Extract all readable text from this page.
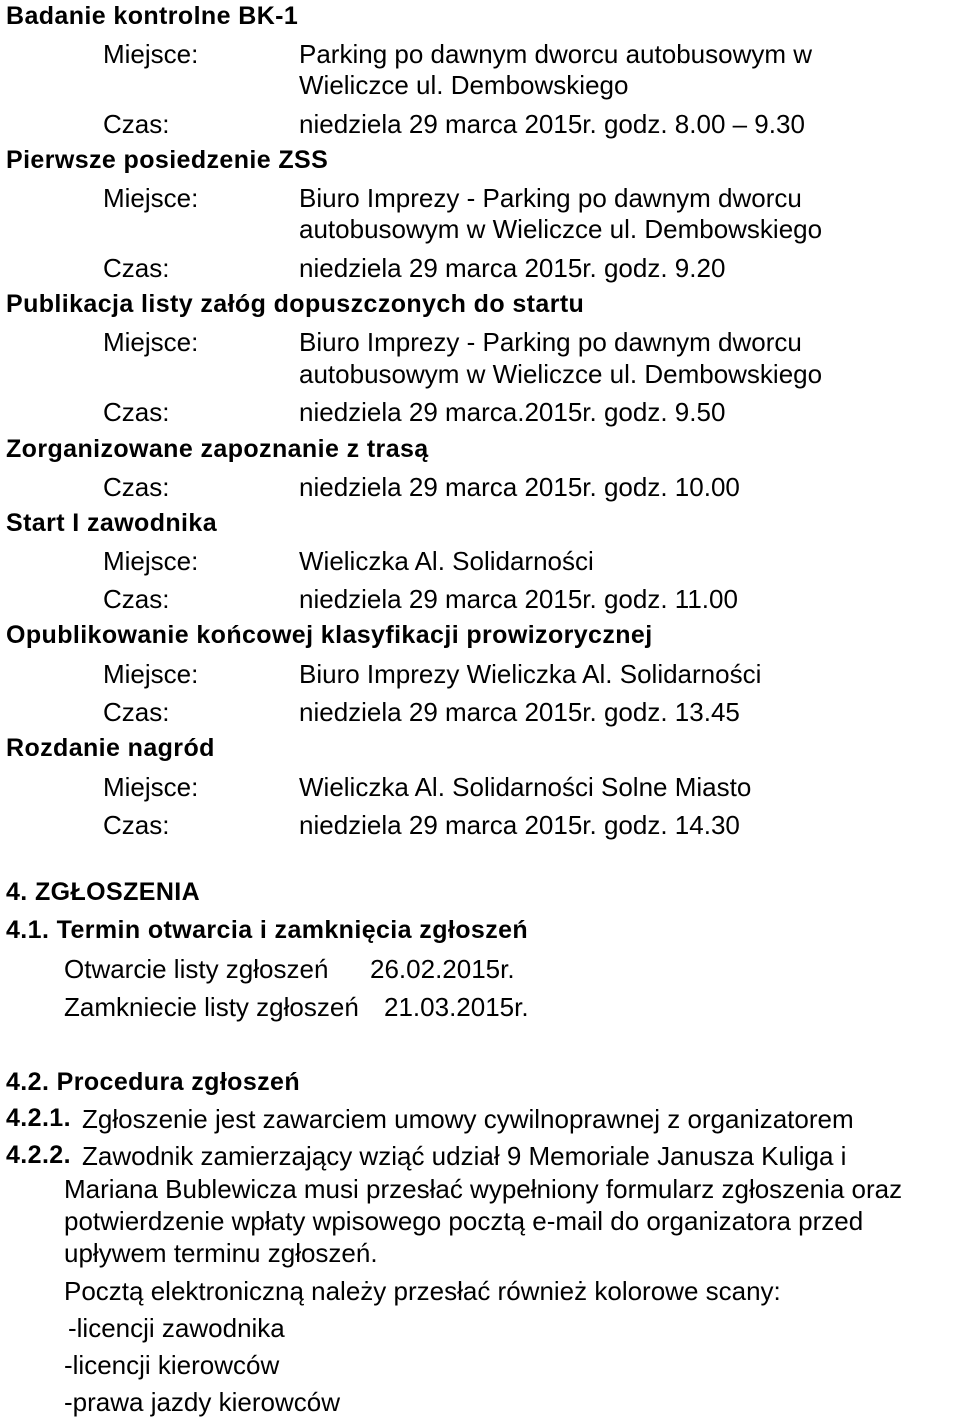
Badanie kontrolne BK-1
Miejsce:	Parking po dawnym dworcu autobusowym w
Wieliczce ul. Dembowskiego
Czas:	niedziela 29 marca 2015r. godz. 8.00 – 9.30
Pierwsze posiedzenie ZSS
Miejsce:	Biuro Imprezy - Parking po dawnym dworcu
autobusowym w Wieliczce ul. Dembowskiego
Czas:	niedziela 29 marca 2015r. godz. 9.20
Publikacja listy załóg dopuszczonych do startu
Miejsce:	Biuro Imprezy - Parking po dawnym dworcu
autobusowym w Wieliczce ul. Dembowskiego
Czas:	niedziela 29 marca.2015r. godz. 9.50
Zorganizowane zapoznanie z trasą
Czas:	niedziela 29 marca 2015r. godz. 10.00
Start I zawodnika
Miejsce:	Wieliczka Al. Solidarności
Czas:	niedziela 29 marca 2015r. godz. 11.00
Opublikowanie końcowej klasyfikacji prowizorycznej
Miejsce:	Biuro Imprezy Wieliczka Al. Solidarności
Czas:	niedziela 29 marca 2015r. godz. 13.45
Rozdanie nagród
Miejsce:	Wieliczka Al. Solidarności Solne Miasto
Czas:	niedziela 29 marca 2015r. godz. 14.30
4. ZGŁOSZENIA
4.1. Termin otwarcia i zamknięcia zgłoszeń
Otwarcie listy zgłoszeń 26.02.2015r.
Zamkniecie listy zgłoszeń 21.03.2015r.
4.2. Procedura zgłoszeń
4.2.1. Zgłoszenie jest zawarciem umowy cywilnoprawnej z organizatorem
4.2.2. Zawodnik zamierzający wziąć udział 9 Memoriale Janusza Kuliga i
Mariana Bublewicza musi przesłać wypełniony formularz zgłoszenia oraz
potwierdzenie wpłaty wpisowego pocztą e-mail do organizatora przed
upływem terminu zgłoszeń.
Pocztą elektroniczną należy przesłać również kolorowe scany:
-licencji zawodnika
-licencji kierowców
-prawa jazdy kierowców
